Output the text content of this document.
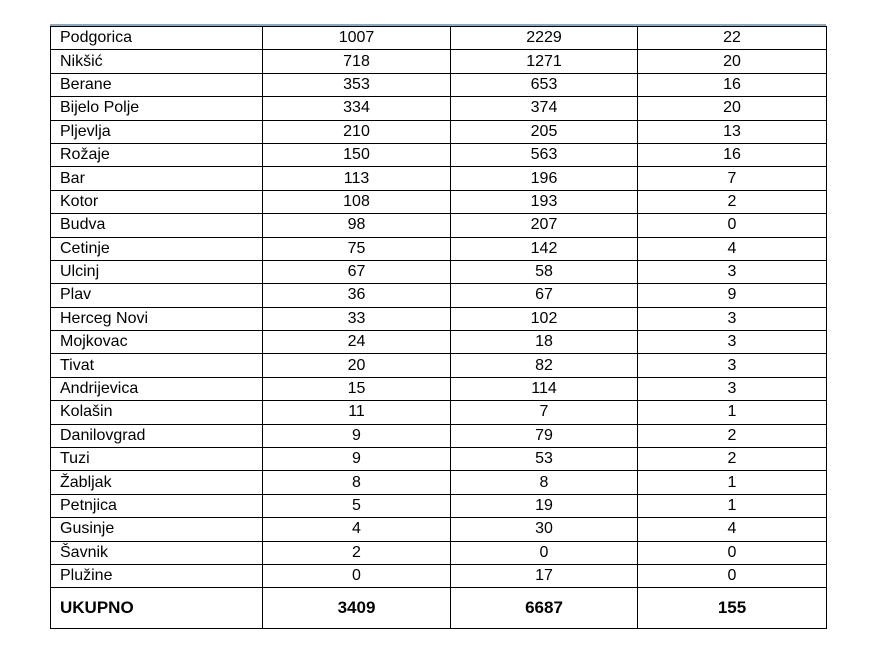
Podgorica	1007	2229	22
Nikšić	718	1271	20
Berane	353	653	16
Bijelo Polje	334	374	20
Pljevlja	210	205	13
Rožaje	150	563	16
Bar	113	196	7
Kotor	108	193	2
Budva	98	207	0
Cetinje	75	142	4
Ulcinj	67	58	3
Plav	36	67	9
Herceg Novi	33	102	3
Mojkovac	24	18	3
Tivat	20	82	3
Andrijevica	15	114	3
Kolašin	11	7	1
Danilovgrad	9	79	2
Tuzi	9	53	2
Žabljak	8	8	1
Petnjica	5	19	1
Gusinje	4	30	4
Šavnik	2	0	0
Plužine	0	17	0
UKUPNO	3409	6687	155
